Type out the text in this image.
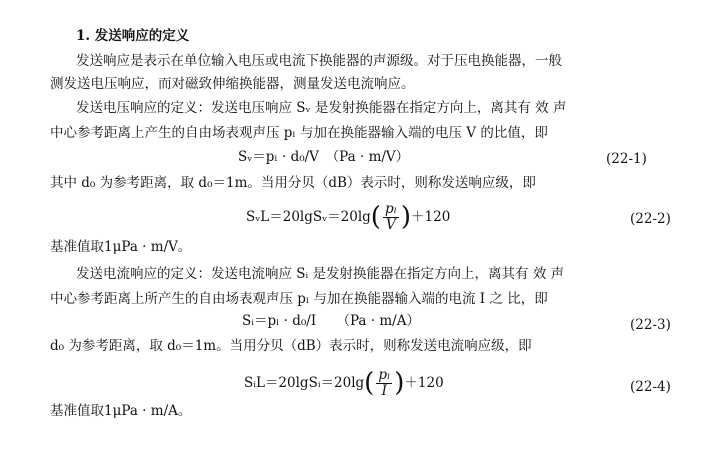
1. 发送响应的定义
发送响应是表示在单位输入电压或电流下换能器的声源级。对于压电换能器，一般
测发送电压响应，而对磁致伸缩换能器，测量发送电流响应。
发送电压响应的定义：发送电压响应 Sᵥ 是发射换能器在指定方向上，离其有 效 声
中心参考距离上产生的自由场表观声压 pₗ 与加在换能器输入端的电压 V 的比值，即
Sᵥ＝pₗ · d₀/V　（Pa · m/V）	(22-1)
其中 d₀ 为参考距离，取 d₀＝1m。当用分贝（dB）表示时，则称发送响应级，即
SᵥL＝20lgSᵥ＝20lg ( $\frac{\text{pₗ}}{V}$ ) ＋120	(22-2)
基准值取1μPa · m/V。
发送电流响应的定义：发送电流响应 Sᵢ 是发射换能器在指定方向上，离其有 效 声
中心参考距离上所产生的自由场表观声压 pₗ 与加在换能器输入端的电流 I 之 比，即
Sᵢ＝pₗ · d₀/I　　（Pa · m/A）	(22-3)
d₀ 为参考距离，取 d₀＝1m。当用分贝（dB）表示时，则称发送电流响应级，即
SᵢL＝20lgSᵢ＝20lg ( $\frac{\text{pₗ}}{I}$ ) ＋120	(22-4)
基准值取1μPa · m/A。
